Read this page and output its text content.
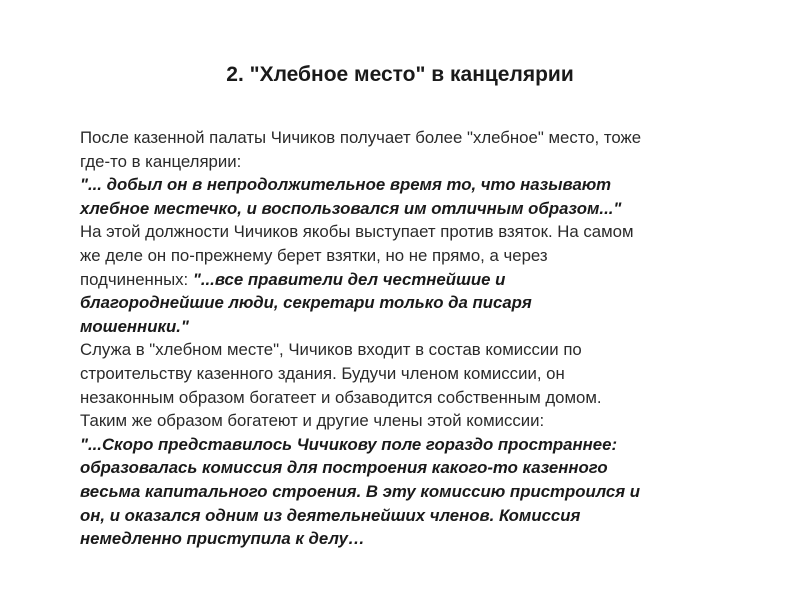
2. "Хлебное место" в канцелярии
После казенной палаты Чичиков получает более "хлебное" место, тоже
где-то в канцелярии:
"... добыл он в непродолжительное время то, что называют
хлебное местечко, и воспользовался им отличным образом..."
На этой должности Чичиков якобы выступает против взяток. На самом
же деле он по-прежнему берет взятки, но не прямо, а через
подчиненных: "...все правители дел честнейшие и
благороднейшие люди, секретари только да писаря
мошенники."
Служа в "хлебном месте", Чичиков входит в состав комиссии по
строительству казенного здания. Будучи членом комиссии, он
незаконным образом богатеет и обзаводится собственным домом.
Таким же образом богатеют и другие члены этой комиссии:
"...Скоро представилось Чичикову поле гораздо пространнее:
образовалась комиссия для построения какого-то казенного
весьма капитального строения. В эту комиссию пристроился и
он, и оказался одним из деятельнейших членов. Комиссия
немедленно приступила к делу…
